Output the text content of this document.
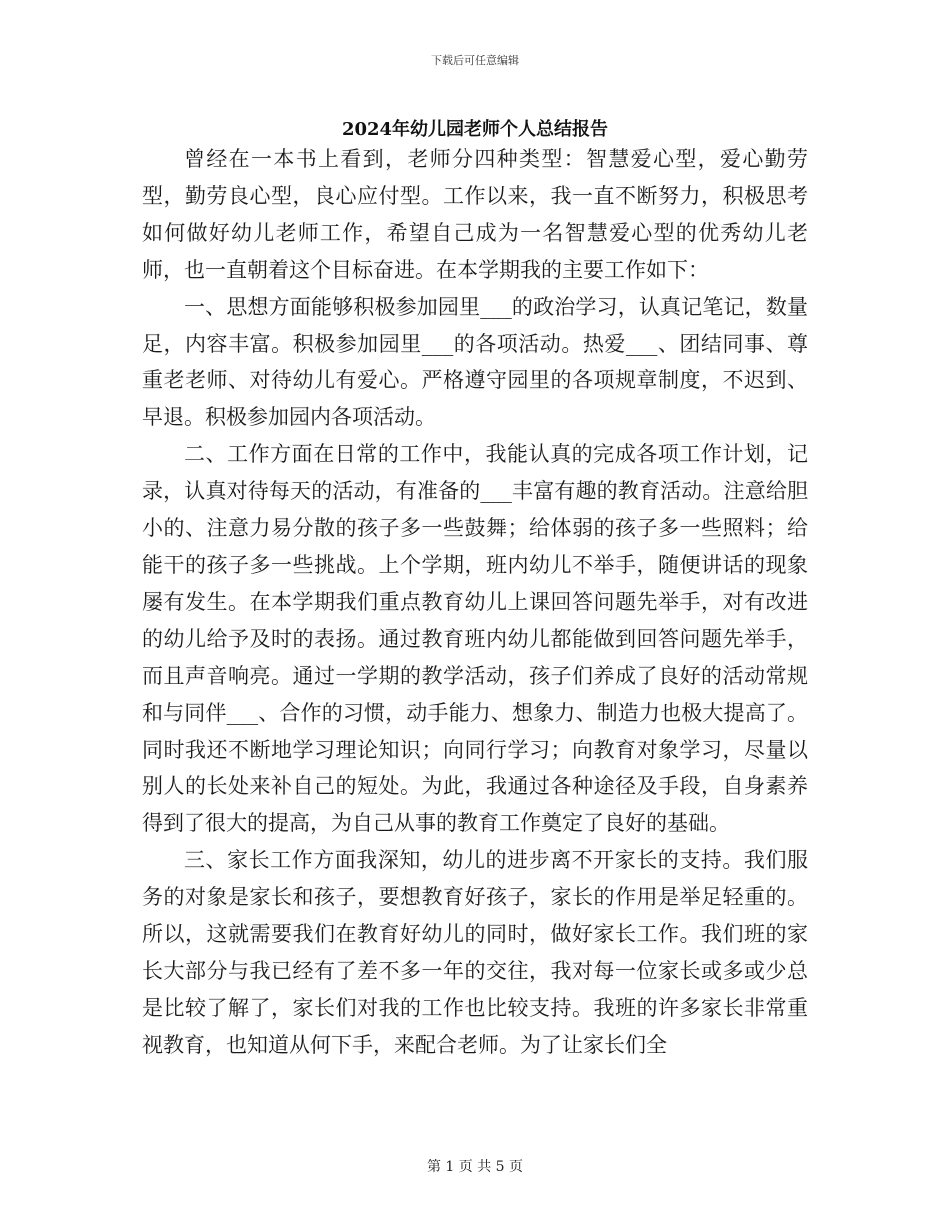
下载后可任意编辑
2024年幼儿园老师个人总结报告

曾经在一本书上看到，老师分四种类型：智慧爱心型，爱心勤劳型，勤劳良心型，良心应付型。工作以来，我一直不断努力，积极思考如何做好幼儿老师工作，希望自己成为一名智慧爱心型的优秀幼儿老师，也一直朝着这个目标奋进。在本学期我的主要工作如下：

一、思想方面能够积极参加园里___的政治学习，认真记笔记，数量足，内容丰富。积极参加园里___的各项活动。热爱___、团结同事、尊重老老师、对待幼儿有爱心。严格遵守园里的各项规章制度，不迟到、早退。积极参加园内各项活动。

二、工作方面在日常的工作中，我能认真的完成各项工作计划，记录，认真对待每天的活动，有准备的___丰富有趣的教育活动。注意给胆小的、注意力易分散的孩子多一些鼓舞；给体弱的孩子多一些照料；给能干的孩子多一些挑战。上个学期，班内幼儿不举手，随便讲话的现象屡有发生。在本学期我们重点教育幼儿上课回答问题先举手，对有改进的幼儿给予及时的表扬。通过教育班内幼儿都能做到回答问题先举手，而且声音响亮。通过一学期的教学活动，孩子们养成了良好的活动常规和与同伴___、合作的习惯，动手能力、想象力、制造力也极大提高了。同时我还不断地学习理论知识；向同行学习；向教育对象学习，尽量以别人的长处来补自己的短处。为此，我通过各种途径及手段，自身素养得到了很大的提高，为自己从事的教育工作奠定了良好的基础。

三、家长工作方面我深知，幼儿的进步离不开家长的支持。我们服务的对象是家长和孩子，要想教育好孩子，家长的作用是举足轻重的。所以，这就需要我们在教育好幼儿的同时，做好家长工作。我们班的家长大部分与我已经有了差不多一年的交往，我对每一位家长或多或少总是比较了解了，家长们对我的工作也比较支持。我班的许多家长非常重视教育，也知道从何下手，来配合老师。为了让家长们全

第 1 页 共 5 页
